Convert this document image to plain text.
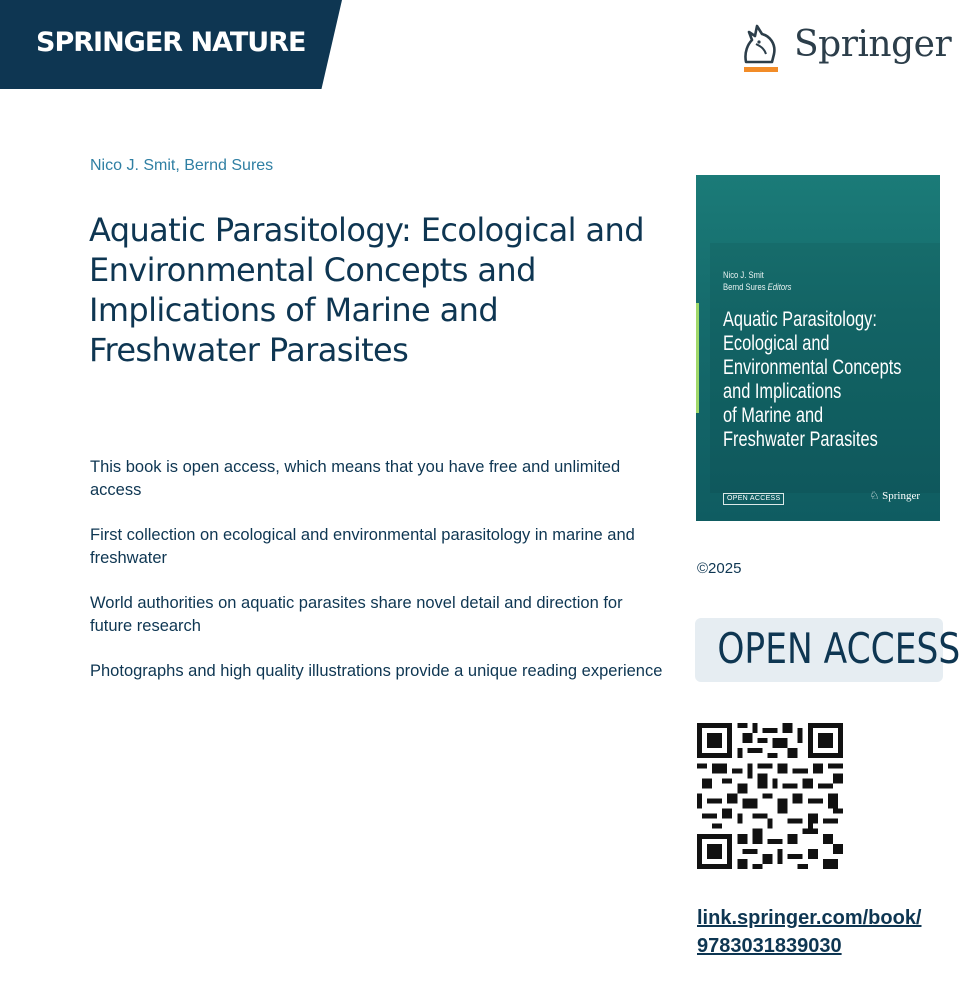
SPRINGER NATURE	Springer
Nico J. Smit, Bernd Sures
Aquatic Parasitology: Ecological and Environmental Concepts and Implications of Marine and Freshwater Parasites
This book is open access, which means that you have free and unlimited access
First collection on ecological and environmental parasitology in marine and freshwater
World authorities on aquatic parasites share novel detail and direction for future research
Photographs and high quality illustrations provide a unique reading experience
Nico J. Smit
Bernd Sures Editors
Aquatic Parasitology:
Ecological and
Environmental Concepts
and Implications
of Marine and
Freshwater Parasites
OPEN ACCESS	♘ Springer
©2025
OPEN ACCESS
link.springer.com/book/
9783031839030
